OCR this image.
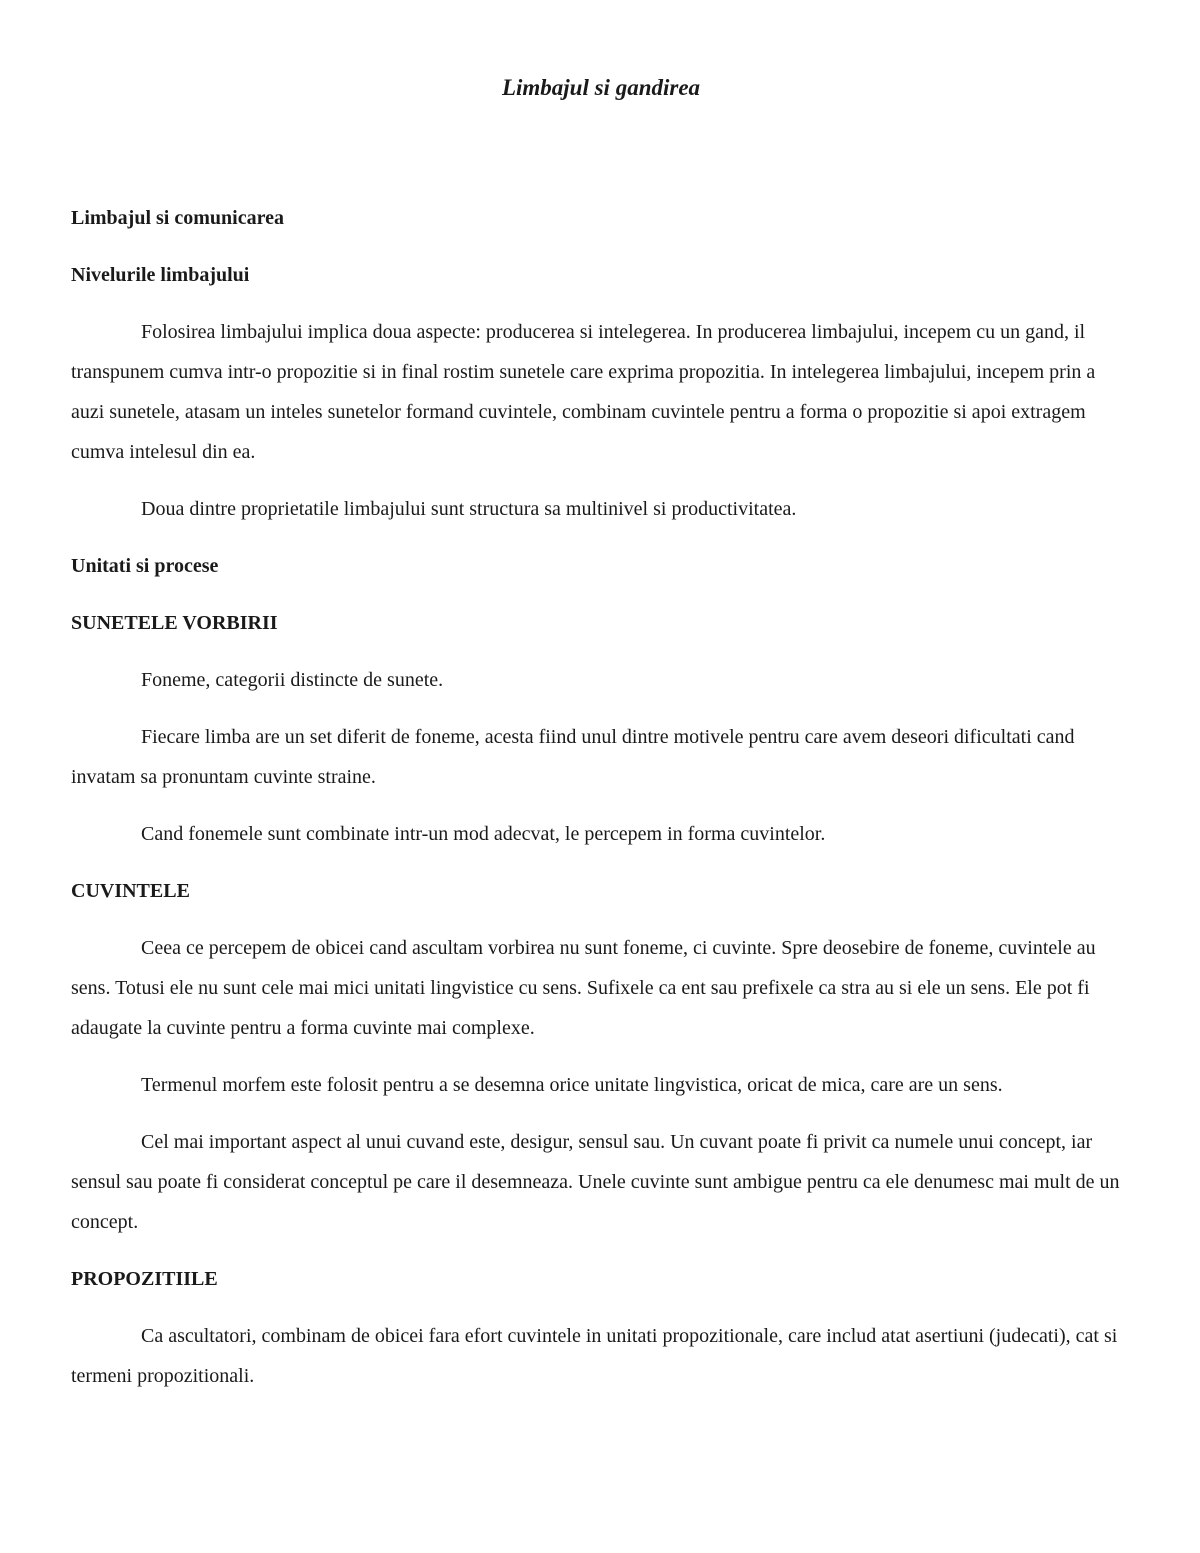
Limbajul si gandirea
Limbajul si comunicarea
Nivelurile limbajului

Folosirea limbajului implica doua aspecte: producerea si intelegerea. In producerea limbajului, incepem cu un gand, il transpunem cumva intr-o propozitie si in final rostim sunetele care exprima propozitia. In intelegerea limbajului, incepem prin a auzi sunetele, atasam un inteles sunetelor formand cuvintele, combinam cuvintele pentru a forma o propozitie si apoi extragem cumva intelesul din ea.

Doua dintre proprietatile limbajului sunt structura sa multinivel si productivitatea.

Unitati si procese
SUNETELE VORBIRII

Foneme, categorii distincte de sunete.

Fiecare limba are un set diferit de foneme, acesta fiind unul dintre motivele pentru care avem deseori dificultati cand invatam sa pronuntam cuvinte straine.

Cand fonemele sunt combinate intr-un mod adecvat, le percepem in forma cuvintelor.

CUVINTELE

Ceea ce percepem de obicei cand ascultam vorbirea nu sunt foneme, ci cuvinte. Spre deosebire de foneme, cuvintele au sens. Totusi ele nu sunt cele mai mici unitati lingvistice cu sens. Sufixele ca ent sau prefixele ca stra au si ele un sens. Ele pot fi adaugate la cuvinte pentru a forma cuvinte mai complexe.

Termenul morfem este folosit pentru a se desemna orice unitate lingvistica, oricat de mica, care are un sens.

Cel mai important aspect al unui cuvand este, desigur, sensul sau. Un cuvant poate fi privit ca numele unui concept, iar sensul sau poate fi considerat conceptul pe care il desemneaza. Unele cuvinte sunt ambigue pentru ca ele denumesc mai mult de un concept.

PROPOZITIILE

Ca ascultatori, combinam de obicei fara efort cuvintele in unitati propozitionale, care includ atat asertiuni (judecati), cat si termeni propozitionali.
